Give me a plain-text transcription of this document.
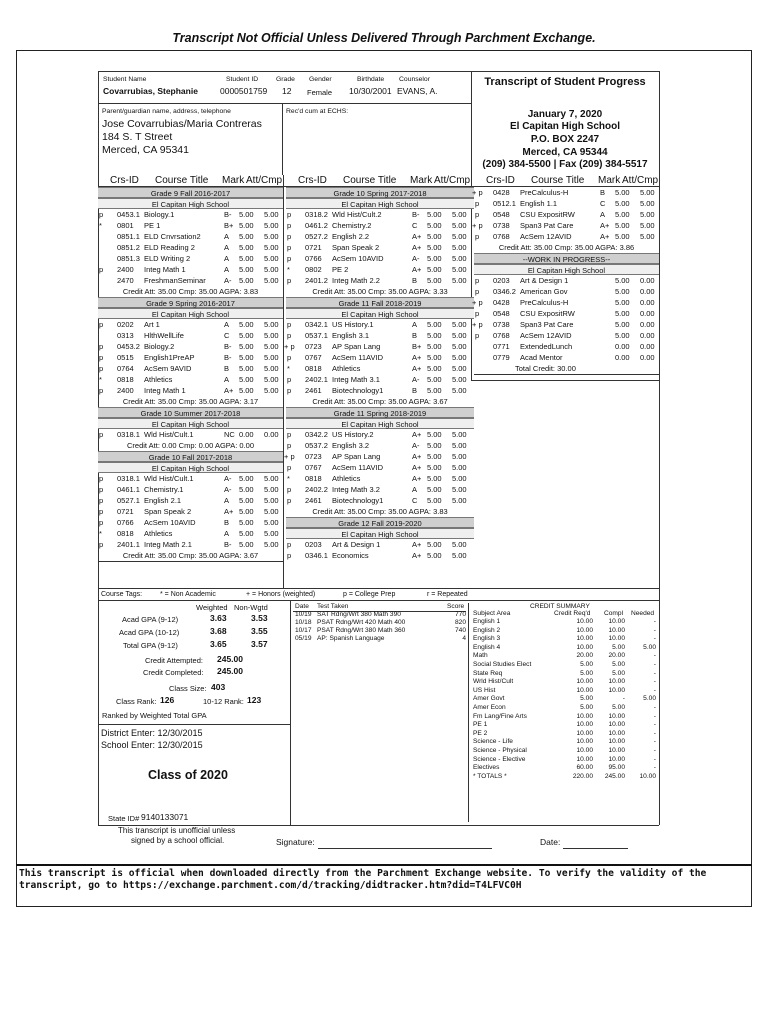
Transcript Not Official Unless Delivered Through Parchment Exchange.
Student Name	Student ID	Grade Gender	Birthdate Counselor
Covarrubias, Stephanie	0000501759 12 Female 10/30/2001 EVANS, A.
Parent/guardian name, address, telephone
Jose Covarrubias/Maria Contreras
184 S. T Street
Merced, CA 95341
Rec'd cum at ECHS:
Transcript of Student Progress
January 7, 2020
El Capitan High School
P.O. BOX 2247
Merced, CA 95344
(209) 384-5500 | Fax (209) 384-5517
Crs-ID Course Title Mark Att/Cmp Crs-ID Course Title Mark Att/Cmp Crs-ID Course Title Mark Att/Cmp
Grade 9 Fall 2016-2017
El Capitan High School
p 0453.1 Biology.1	B- 5.00 5.00
* 0801 PE 1	B+ 5.00 5.00
0851.1 ELD Cnvrsation2	A 5.00 5.00
0851.2 ELD Reading 2	A 5.00 5.00
0851.3 ELD Writing 2	A 5.00 5.00
p 2400 Integ Math 1	A 5.00 5.00
2470 FreshmanSeminar A- 5.00 5.00
Credit Att: 35.00 Cmp: 35.00 AGPA: 3.83
Grade 9 Spring 2016-2017
El Capitan High School
p 0202 Art 1	A 5.00 5.00
0313 HlthWellLife	C 5.00 5.00
p 0453.2 Biology.2	B- 5.00 5.00
p 0515 English1PreAP	B- 5.00 5.00
p 0764 AcSem 9AVID	B 5.00 5.00
* 0818 Athletics	A 5.00 5.00
p 2400 Integ Math 1	A+ 5.00 5.00
Credit Att: 35.00 Cmp: 35.00 AGPA: 3.17
Grade 10 Summer 2017-2018
El Capitan High School
p 0318.1 Wld Hist/Cult.1	NC 0.00 0.00
Credit Att: 0.00 Cmp: 0.00 AGPA: 0.00
Grade 10 Fall 2017-2018
El Capitan High School
p 0318.1 Wld Hist/Cult.1	A- 5.00 5.00
p 0461.1 Chemistry.1	A- 5.00 5.00
p 0527.1 English 2.1	A 5.00 5.00
p 0721 Span Speak 2	A+ 5.00 5.00
p 0766 AcSem 10AVID	B 5.00 5.00
* 0818 Athletics	A 5.00 5.00
p 2401.1 Integ Math 2.1	B- 5.00 5.00
Credit Att: 35.00 Cmp: 35.00 AGPA: 3.67
Grade 10 Spring 2017-2018
El Capitan High School
p 0318.2 Wld Hist/Cult.2	B- 5.00 5.00
p 0461.2 Chemistry.2	C 5.00 5.00
p 0527.2 English 2.2	A+ 5.00 5.00
p 0721 Span Speak 2	A+ 5.00 5.00
p 0766 AcSem 10AVID	A- 5.00 5.00
* 0802 PE 2	A+ 5.00 5.00
p 2401.2 Integ Math 2.2	B 5.00 5.00
Credit Att: 35.00 Cmp: 35.00 AGPA: 3.33
Grade 11 Fall 2018-2019
El Capitan High School
p 0342.1 US History.1	A 5.00 5.00
p 0537.1 English 3.1	B 5.00 5.00
+ p 0723 AP Span Lang	B+ 5.00 5.00
p 0767 AcSem 11AVID	A+ 5.00 5.00
* 0818 Athletics	A+ 5.00 5.00
p 2402.1 Integ Math 3.1	A- 5.00 5.00
p 2461 Biotechnology1	B 5.00 5.00
Credit Att: 35.00 Cmp: 35.00 AGPA: 3.67
Grade 11 Spring 2018-2019
El Capitan High School
p 0342.2 US History.2	A+ 5.00 5.00
p 0537.2 English 3.2	A- 5.00 5.00
+ p 0723 AP Span Lang	A+ 5.00 5.00
p 0767 AcSem 11AVID	A+ 5.00 5.00
* 0818 Athletics	A+ 5.00 5.00
p 2402.2 Integ Math 3.2	A 5.00 5.00
p 2461 Biotechnology1	C 5.00 5.00
Credit Att: 35.00 Cmp: 35.00 AGPA: 3.83
Grade 12 Fall 2019-2020
El Capitan High School
p 0203 Art & Design 1	A+ 5.00 5.00
p 0346.1 Economics	A+ 5.00 5.00
+ p 0428 PreCalculus-H	B 5.00 5.00
p 0512.1 English 1.1	C 5.00 5.00
p 0548 CSU ExpositRW	A 5.00 5.00
+ p 0738 Span3 Pat Care	A+ 5.00 5.00
p 0768 AcSem 12AVID	A+ 5.00 5.00
Credit Att: 35.00 Cmp: 35.00 AGPA: 3.86
--WORK IN PROGRESS--
El Capitan High School
p 0203 Art & Design 1	5.00 0.00
p 0346.2 American Gov	5.00 0.00
+ p 0428 PreCalculus-H	5.00 0.00
p 0548 CSU ExpositRW	5.00 0.00
+ p 0738 Span3 Pat Care	5.00 0.00
p 0768 AcSem 12AVID	5.00 0.00
0771 ExtendedLunch	0.00 0.00
0779 Acad Mentor	0.00 0.00
Total Credit: 30.00
Course Tags:	* = Non Academic	+ = Honors (weighted)	p = College Prep	r = Repeated
Weighted Non-Wgtd
Acad GPA (9-12)	3.63	3.53
Acad GPA (10-12)	3.68	3.55
Total GPA (9-12)	3.65	3.57
Credit Attempted: 245.00
Credit Completed: 245.00
Class Size: 403
Class Rank: 126	10-12 Rank: 123
Ranked by Weighted Total GPA
District Enter: 12/30/2015
School Enter: 12/30/2015
Class of 2020
State ID# 9140133071
This transcript is unofficial unless
signed by a school official.	Signature:	Date:
Date Test Taken	Score
10/19 SAT Rdng/Wrt 380 Math 390	770
10/18 PSAT Rdng/Wrt 420 Math 400	820
10/17 PSAT Rdng/Wrt 380 Math 360	740
05/19 AP: Spanish Language	4
CREDIT SUMMARY
Subject Area	Credit Req'd Compl Needed
English 1	10.00	10.00	-
English 2	10.00	10.00	-
English 3	10.00	10.00	-
English 4	10.00	5.00	5.00
Math	20.00	20.00	-
Social Studies Elect	5.00	5.00	-
State Req	5.00	5.00	-
Wrld Hist/Cult	10.00	10.00	-
US Hist	10.00	10.00	-
Amer Govt	5.00	-	5.00
Amer Econ	5.00	5.00	-
Fm Lang/Fine Arts	10.00	10.00	-
PE 1	10.00	10.00	-
PE 2	10.00	10.00	-
Science - Life	10.00	10.00	-
Science - Physical	10.00	10.00	-
Science - Elective	10.00	10.00	-
Electives	60.00	95.00	-
* TOTALS *	220.00	245.00	10.00
This transcript is official when downloaded directly from the Parchment Exchange website. To verify the validity of the transcript, go to https://exchange.parchment.com/d/tracking/didtracker.htm?did=T4LFVC0H
